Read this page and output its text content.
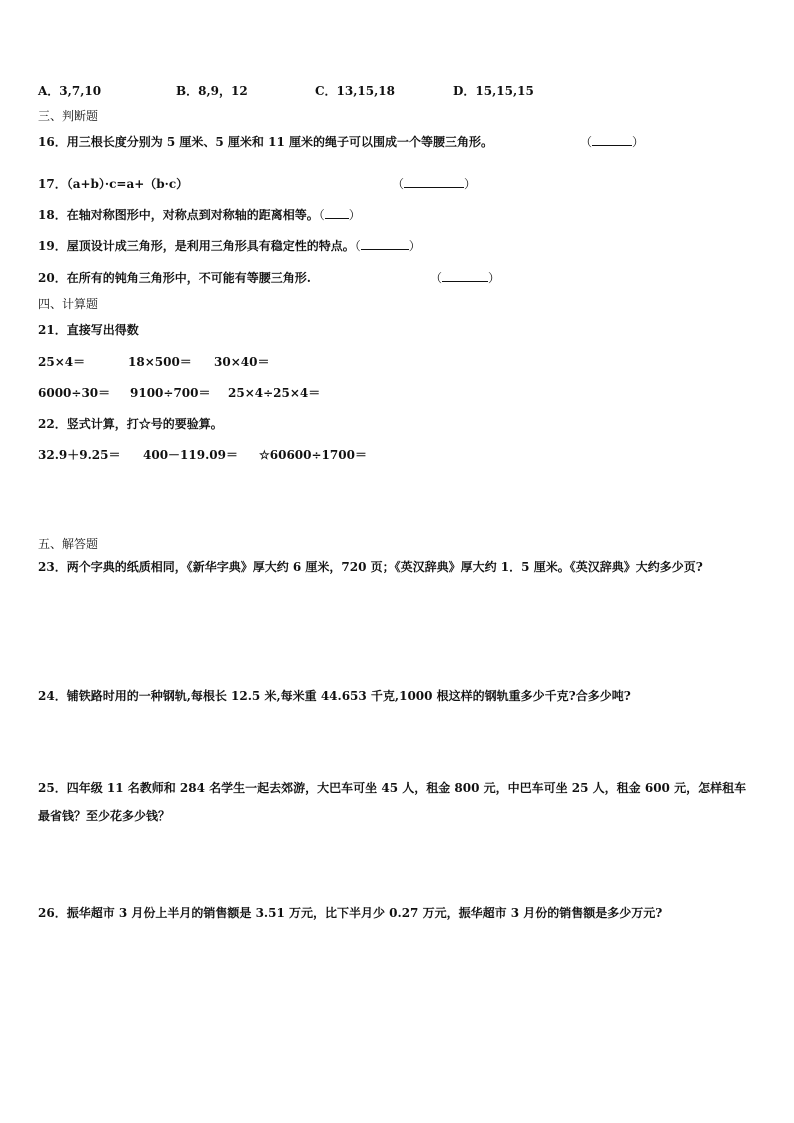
A．3,7,10	B．8,9，12	C．13,15,18	D．15,15,15
三、判断题
16．用三根长度分别为 5 厘米、5 厘米和 11 厘米的绳子可以围成一个等腰三角形。	（	）
17．（a+b）·c=a+（b·c）	（	）
18．在轴对称图形中，对称点到对称轴的距离相等。（ ）
19．屋顶设计成三角形，是利用三角形具有稳定性的特点。（	）
20．在所有的钝角三角形中，不可能有等腰三角形.	（	）
四、计算题
21．直接写出得数
25×4＝	18×500＝ 30×40＝
6000÷30＝ 9100÷700＝ 25×4÷25×4＝
22．竖式计算，打☆号的要验算。
32.9＋9.25＝ 400－119.09＝ ☆60600÷1700＝
五、解答题
23．两个字典的纸质相同，《新华字典》厚大约 6 厘米，720 页；《英汉辞典》厚大约 1．5 厘米。《英汉辞典》大约多少页?
24．铺铁路时用的一种钢轨,每根长 12.5 米,每米重 44.653 千克,1000 根这样的钢轨重多少千克?合多少吨?
25．四年级 11 名教师和 284 名学生一起去郊游，大巴车可坐 45 人，租金 800 元，中巴车可坐 25 人，租金 600 元，怎样租车最省钱？至少花多少钱？
26．振华超市 3 月份上半月的销售额是 3.51 万元，比下半月少 0.27 万元，振华超市 3 月份的销售额是多少万元?
